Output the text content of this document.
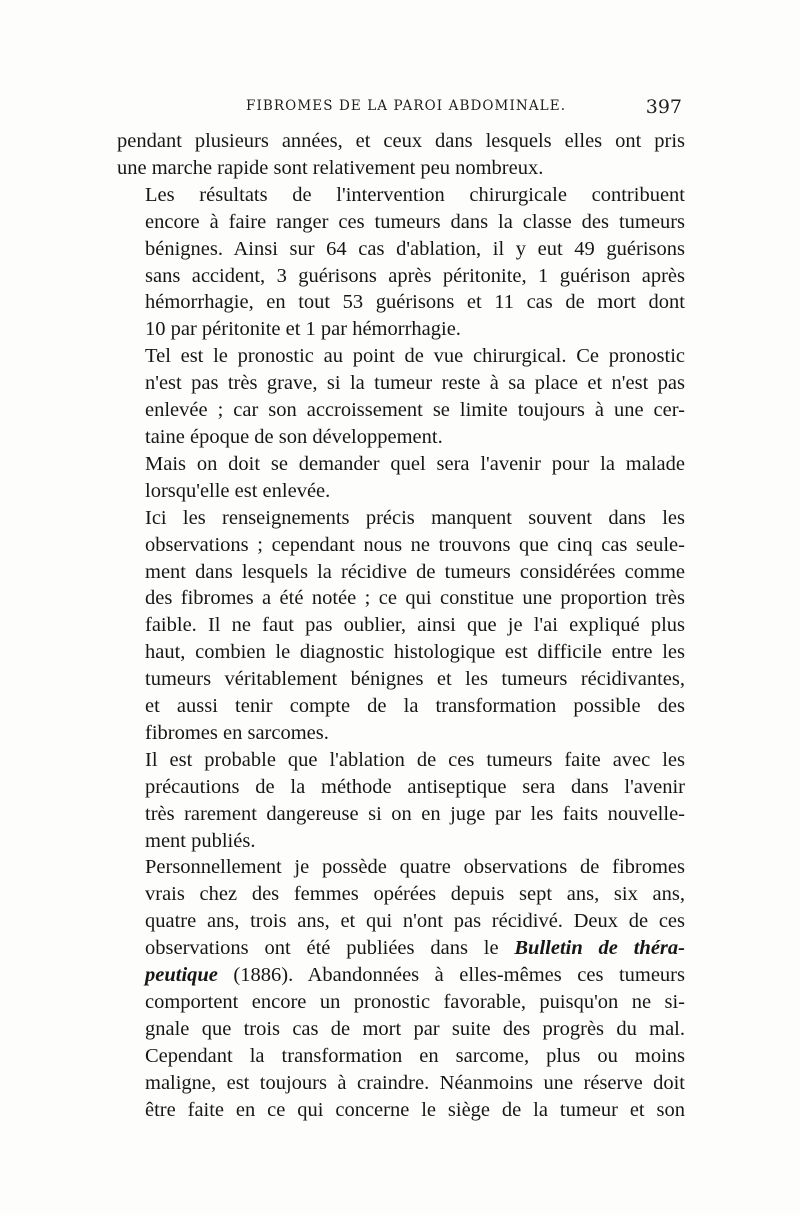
FIBROMES DE LA PAROI ABDOMINALE.	397

pendant plusieurs années, et ceux dans lesquels elles ont pris
une marche rapide sont relativement peu nombreux.

Les résultats de l'intervention chirurgicale contribuent
encore à faire ranger ces tumeurs dans la classe des tumeurs
bénignes. Ainsi sur 64 cas d'ablation, il y eut 49 guérisons
sans accident, 3 guérisons après péritonite, 1 guérison après
hémorrhagie, en tout 53 guérisons et 11 cas de mort dont
10 par péritonite et 1 par hémorrhagie.

Tel est le pronostic au point de vue chirurgical. Ce pronostic
n'est pas très grave, si la tumeur reste à sa place et n'est pas
enlevée ; car son accroissement se limite toujours à une cer-
taine époque de son développement.

Mais on doit se demander quel sera l'avenir pour la malade
lorsqu'elle est enlevée.

Ici les renseignements précis manquent souvent dans les
observations ; cependant nous ne trouvons que cinq cas seule-
ment dans lesquels la récidive de tumeurs considérées comme
des fibromes a été notée ; ce qui constitue une proportion très
faible. Il ne faut pas oublier, ainsi que je l'ai expliqué plus
haut, combien le diagnostic histologique est difficile entre les
tumeurs véritablement bénignes et les tumeurs récidivantes,
et aussi tenir compte de la transformation possible des
fibromes en sarcomes.

Il est probable que l'ablation de ces tumeurs faite avec les
précautions de la méthode antiseptique sera dans l'avenir
très rarement dangereuse si on en juge par les faits nouvelle-
ment publiés.

Personnellement je possède quatre observations de fibromes
vrais chez des femmes opérées depuis sept ans, six ans,
quatre ans, trois ans, et qui n'ont pas récidivé. Deux de ces
observations ont été publiées dans le Bulletin de théra-
peutique (1886). Abandonnées à elles-mêmes ces tumeurs
comportent encore un pronostic favorable, puisqu'on ne si-
gnale que trois cas de mort par suite des progrès du mal.
Cependant la transformation en sarcome, plus ou moins
maligne, est toujours à craindre. Néanmoins une réserve doit
être faite en ce qui concerne le siège de la tumeur et son
